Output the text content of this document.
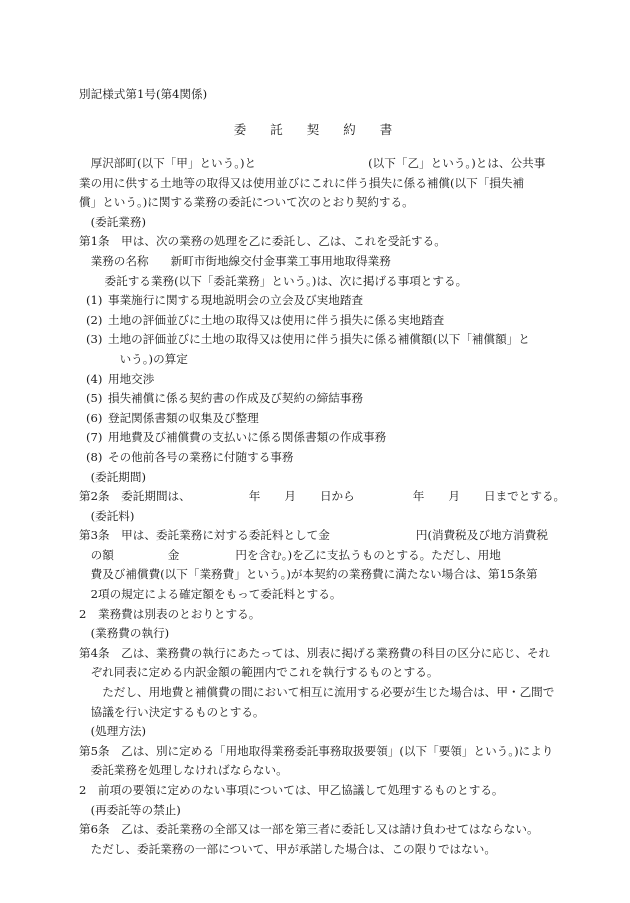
別記様式第1号(第4関係)
委 託 契 約 書

厚沢部町(以下「甲」という。)と	(以下「乙」という。)とは、公共事

業の用に供する土地等の取得又は使用並びにこれに伴う損失に係る補償(以下「損失補

償」という。)に関する業務の委託について次のとおり契約する。

(委託業務)

第1条　甲は、次の業務の処理を乙に委託し、乙は、これを受託する。

業務の名称 新町市街地線交付金事業工事用地取得業務

委託する業務(以下「委託業務」という。)は、次に掲げる事項とする。

(1) 事業施行に関する現地説明会の立会及び実地踏査
(2) 土地の評価並びに土地の取得又は使用に伴う損失に係る実地踏査
(3) 土地の評価並びに土地の取得又は使用に伴う損失に係る補償額(以下「補償額」と
いう。)の算定
(4) 用地交渉
(5) 損失補償に係る契約書の作成及び契約の締結事務
(6) 登記関係書類の収集及び整理
(7) 用地費及び補償費の支払いに係る関係書類の作成事務
(8) その他前各号の業務に付随する事務

(委託期間)

第2条　委託期間は、	年 月 日から	年 月 日までとする。

(委託料)

第3条　甲は、委託業務に対する委託料として金	円(消費税及び地方消費税

の額	金	円を含む。)を乙に支払うものとする。ただし、用地

費及び補償費(以下「業務費」という。)が本契約の業務費に満たない場合は、第15条第

2項の規定による確定額をもって委託料とする。

2　業務費は別表のとおりとする。

(業務費の執行)

第4条　乙は、業務費の執行にあたっては、別表に掲げる業務費の科目の区分に応じ、それぞれ同表に定める内訳金額の範囲内でこれを執行するものとする。

ただし、用地費と補償費の間において相互に流用する必要が生じた場合は、甲・乙間で協議を行い決定するものとする。

(処理方法)

第5条　乙は、別に定める「用地取得業務委託事務取扱要領」(以下「要領」という。)により委託業務を処理しなければならない。

2　前項の要領に定めのない事項については、甲乙協議して処理するものとする。

(再委託等の禁止)

第6条　乙は、委託業務の全部又は一部を第三者に委託し又は請け負わせてはならない。

ただし、委託業務の一部について、甲が承諾した場合は、この限りではない。
